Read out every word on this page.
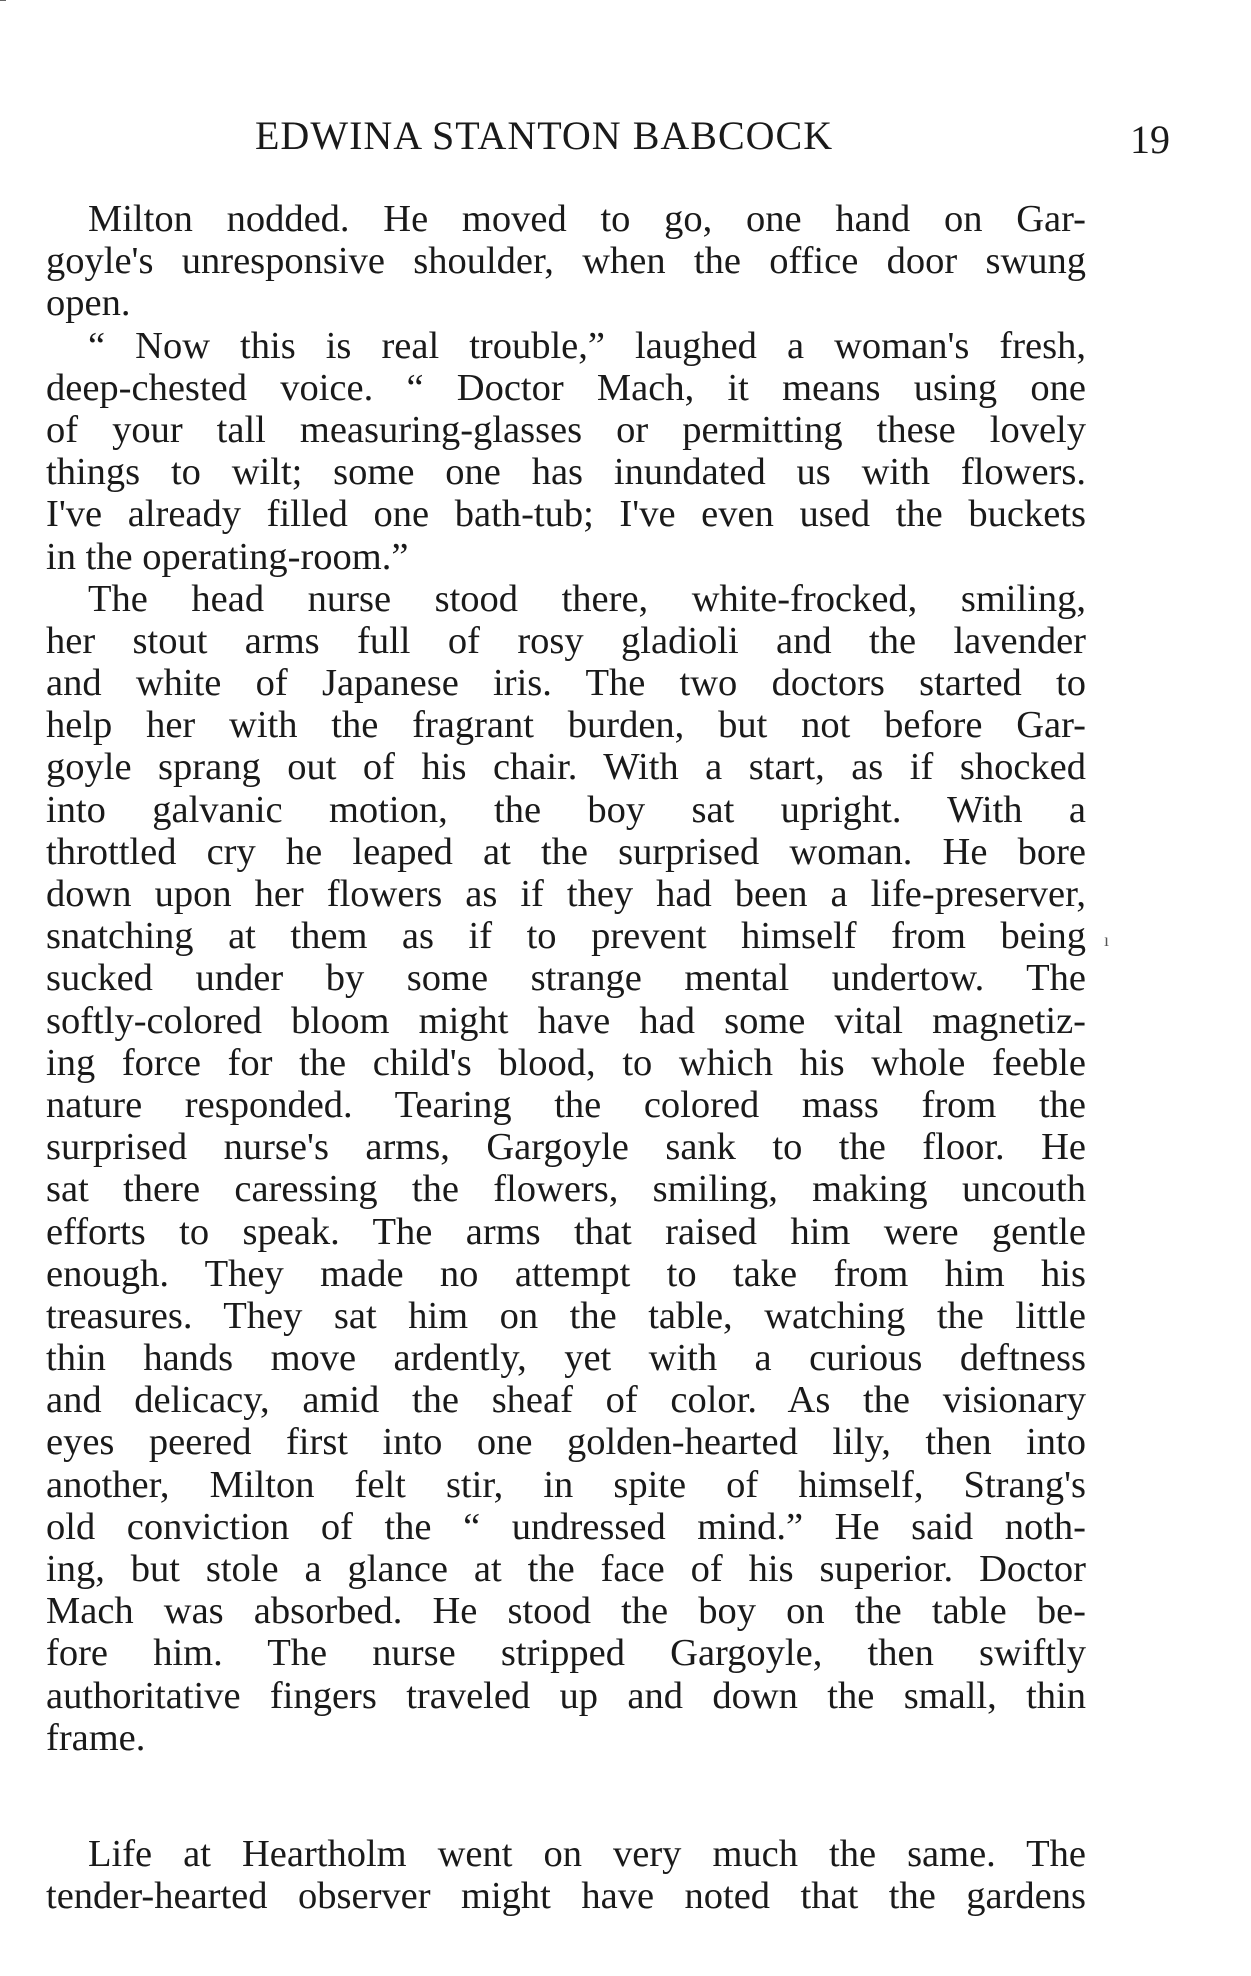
EDWINA STANTON BABCOCK	19
Milton nodded. He moved to go, one hand on Gar-
goyle's unresponsive shoulder, when the office door swung
open.
“ Now this is real trouble,” laughed a woman's fresh,
deep-chested voice. “ Doctor Mach, it means using one
of your tall measuring-glasses or permitting these lovely
things to wilt; some one has inundated us with flowers.
I've already filled one bath-tub; I've even used the buckets
in the operating-room.”
The head nurse stood there, white-frocked, smiling,
her stout arms full of rosy gladioli and the lavender
and white of Japanese iris. The two doctors started to
help her with the fragrant burden, but not before Gar-
goyle sprang out of his chair. With a start, as if shocked
into galvanic motion, the boy sat upright. With a
throttled cry he leaped at the surprised woman. He bore
down upon her flowers as if they had been a life-preserver,
snatching at them as if to prevent himself from being
sucked under by some strange mental undertow. The
softly-colored bloom might have had some vital magnetiz-
ing force for the child's blood, to which his whole feeble
nature responded. Tearing the colored mass from the
surprised nurse's arms, Gargoyle sank to the floor. He
sat there caressing the flowers, smiling, making uncouth
efforts to speak. The arms that raised him were gentle
enough. They made no attempt to take from him his
treasures. They sat him on the table, watching the little
thin hands move ardently, yet with a curious deftness
and delicacy, amid the sheaf of color. As the visionary
eyes peered first into one golden-hearted lily, then into
another, Milton felt stir, in spite of himself, Strang's
old conviction of the “ undressed mind.” He said noth-
ing, but stole a glance at the face of his superior. Doctor
Mach was absorbed. He stood the boy on the table be-
fore him. The nurse stripped Gargoyle, then swiftly
authoritative fingers traveled up and down the small, thin
frame.
Life at Heartholm went on very much the same. The
tender-hearted observer might have noted that the gardens
ı
